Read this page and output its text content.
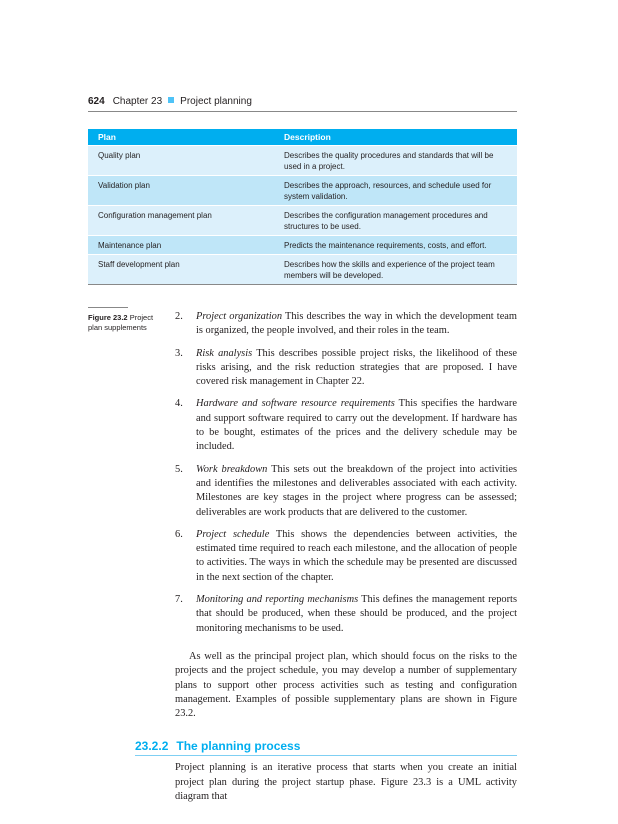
624 Chapter 23 Project planning
Plan	Description
Quality plan	Describes the quality procedures and standards that will be used in a project.
Validation plan	Describes the approach, resources, and schedule used for system validation.
Configuration management plan	Describes the configuration management procedures and structures to be used.
Maintenance plan	Predicts the maintenance requirements, costs, and effort.
Staff development plan	Describes how the skills and experience of the project team members will be developed.
Figure 23.2 Project plan supplements
2.	Project organization This describes the way in which the development team is organized, the people involved, and their roles in the team.
3.	Risk analysis This describes possible project risks, the likelihood of these risks arising, and the risk reduction strategies that are proposed. I have covered risk management in Chapter 22.
4.	Hardware and software resource requirements This specifies the hardware and support software required to carry out the development. If hardware has to be bought, estimates of the prices and the delivery schedule may be included.
5.	Work breakdown This sets out the breakdown of the project into activities and identifies the milestones and deliverables associated with each activity. Milestones are key stages in the project where progress can be assessed; deliverables are work products that are delivered to the customer.
6.	Project schedule This shows the dependencies between activities, the estimated time required to reach each milestone, and the allocation of people to activities. The ways in which the schedule may be presented are discussed in the next section of the chapter.
7.	Monitoring and reporting mechanisms This defines the management reports that should be produced, when these should be produced, and the project monitoring mechanisms to be used.
As well as the principal project plan, which should focus on the risks to the projects and the project schedule, you may develop a number of supplementary plans to support other process activities such as testing and configuration management. Examples of possible supplementary plans are shown in Figure 23.2.
23.2.2 The planning process
Project planning is an iterative process that starts when you create an initial project plan during the project startup phase. Figure 23.3 is a UML activity diagram that
